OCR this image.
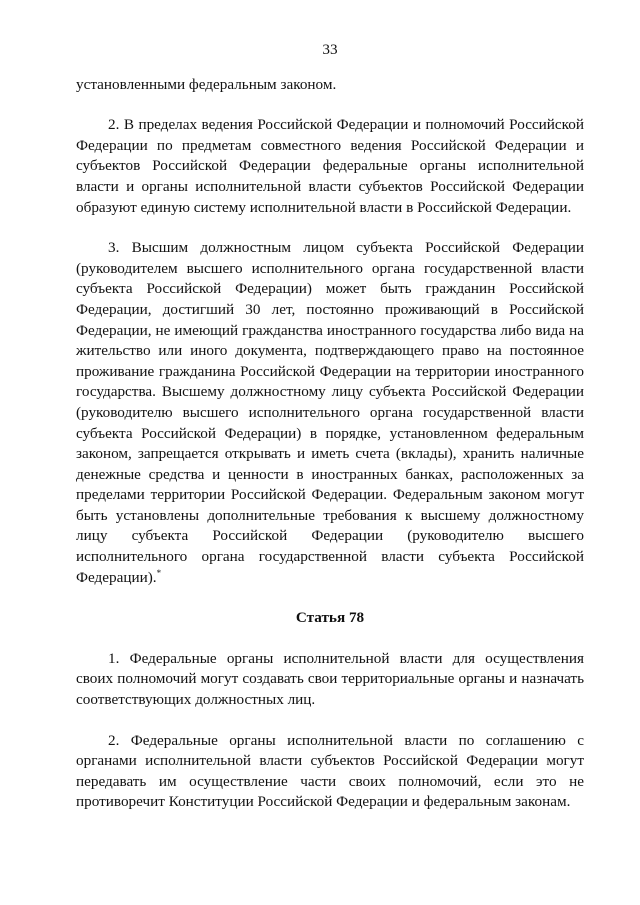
33

установленными федеральным законом.

2. В пределах ведения Российской Федерации и полномочий Российской Федерации по предметам совместного ведения Российской Федерации и субъектов Российской Федерации федеральные органы исполнительной власти и органы исполнительной власти субъектов Российской Федерации образуют единую систему исполнительной власти в Российской Федерации.

3. Высшим должностным лицом субъекта Российской Федерации (руководителем высшего исполнительного органа государственной власти субъекта Российской Федерации) может быть гражданин Российской Федерации, достигший 30 лет, постоянно проживающий в Российской Федерации, не имеющий гражданства иностранного государства либо вида на жительство или иного документа, подтверждающего право на постоянное проживание гражданина Российской Федерации на территории иностранного государства. Высшему должностному лицу субъекта Российской Федерации (руководителю высшего исполнительного органа государственной власти субъекта Российской Федерации) в порядке, установленном федеральным законом, запрещается открывать и иметь счета (вклады), хранить наличные денежные средства и ценности в иностранных банках, расположенных за пределами территории Российской Федерации. Федеральным законом могут быть установлены дополнительные требования к высшему должностному лицу субъекта Российской Федерации (руководителю высшего исполнительного органа государственной власти субъекта Российской Федерации).*

Статья 78

1. Федеральные органы исполнительной власти для осуществления своих полномочий могут создавать свои территориальные органы и назначать соответствующих должностных лиц.

2. Федеральные органы исполнительной власти по соглашению с органами исполнительной власти субъектов Российской Федерации могут передавать им осуществление части своих полномочий, если это не противоречит Конституции Российской Федерации и федеральным законам.
